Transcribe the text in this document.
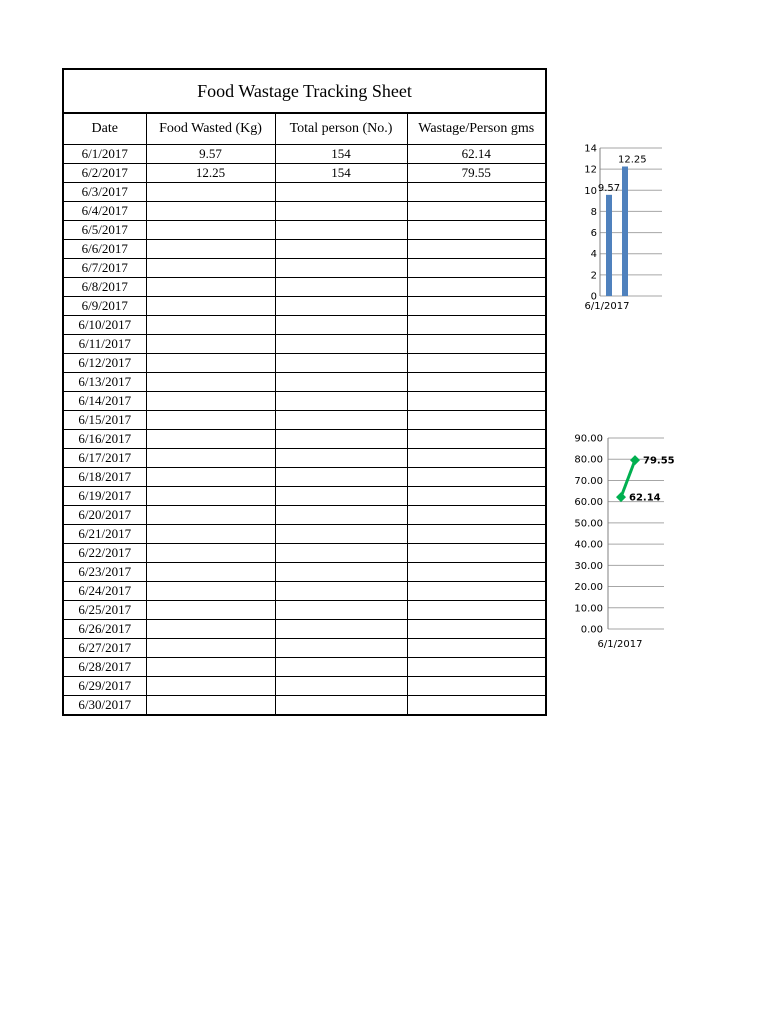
Food Wastage Tracking Sheet			
Date	Food Wasted (Kg)	Total person (No.)	Wastage/Person gms
6/1/2017	9.57	154	62.14
6/2/2017	12.25	154	79.55
6/3/2017			
6/4/2017			
6/5/2017			
6/6/2017			
6/7/2017			
6/8/2017			
6/9/2017			
6/10/2017			
6/11/2017			
6/12/2017			
6/13/2017			
6/14/2017			
6/15/2017			
6/16/2017			
6/17/2017			
6/18/2017			
6/19/2017			
6/20/2017			
6/21/2017			
6/22/2017			
6/23/2017			
6/24/2017			
6/25/2017			
6/26/2017			
6/27/2017			
6/28/2017			
6/29/2017			
6/30/2017			
0
2
4
6
8
10
12
14
9.57
12.25
6/1/2017
0.00
10.00
20.00
30.00
40.00
50.00
60.00
70.00
80.00
90.00
62.14
79.55
6/1/2017
